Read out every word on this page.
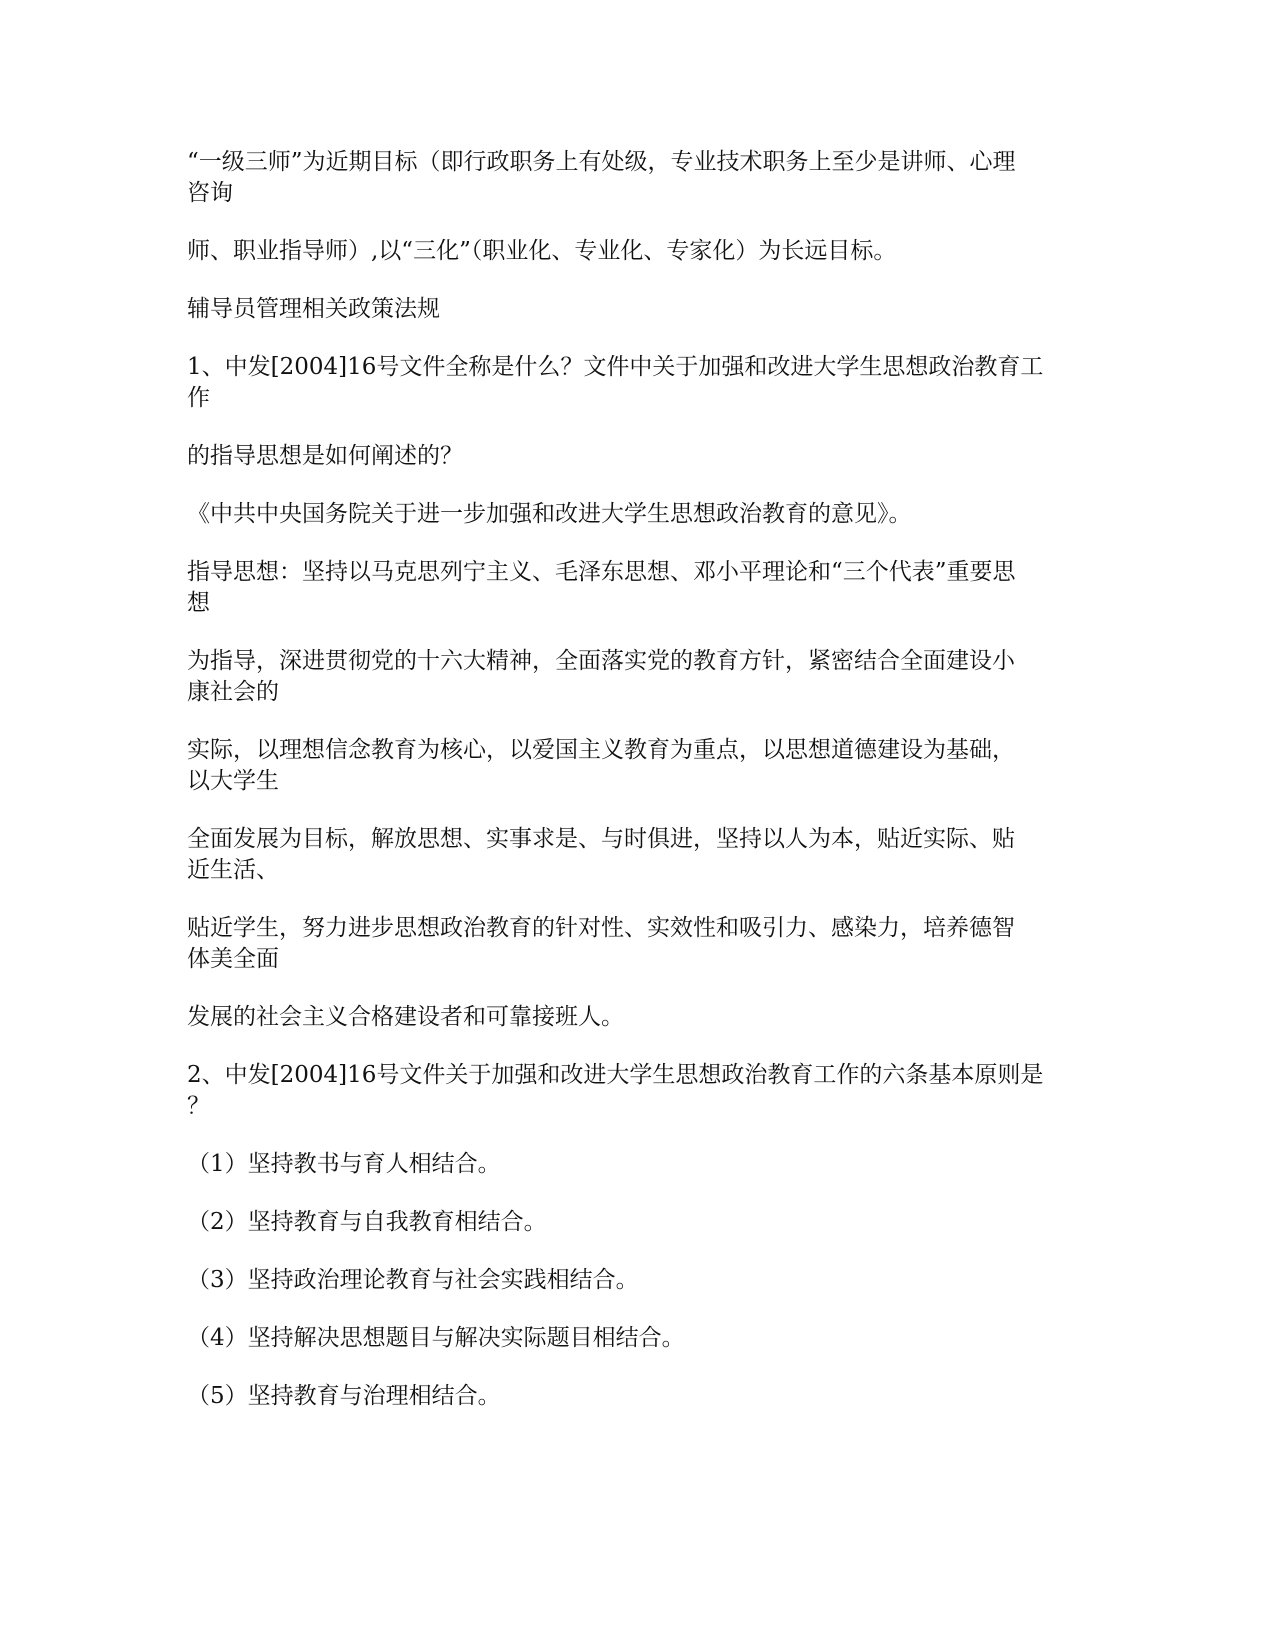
“一级三师”为近期目标（即行政职务上有处级，专业技术职务上至少是讲师、心理
咨询

师、职业指导师）,以“三化”（职业化、专业化、专家化）为长远目标。

辅导员管理相关政策法规

1、中发[2004]16号文件全称是什么？文件中关于加强和改进大学生思想政治教育工
作

的指导思想是如何阐述的？

《中共中央国务院关于进一步加强和改进大学生思想政治教育的意见》。

指导思想：坚持以马克思列宁主义、毛泽东思想、邓小平理论和“三个代表”重要思
想

为指导，深进贯彻党的十六大精神，全面落实党的教育方针，紧密结合全面建设小
康社会的

实际，以理想信念教育为核心，以爱国主义教育为重点，以思想道德建设为基础，
以大学生

全面发展为目标，解放思想、实事求是、与时俱进，坚持以人为本，贴近实际、贴
近生活、

贴近学生，努力进步思想政治教育的针对性、实效性和吸引力、感染力，培养德智
体美全面

发展的社会主义合格建设者和可靠接班人。

2、中发[2004]16号文件关于加强和改进大学生思想政治教育工作的六条基本原则是
？

（1）坚持教书与育人相结合。

（2）坚持教育与自我教育相结合。

（3）坚持政治理论教育与社会实践相结合。

（4）坚持解决思想题目与解决实际题目相结合。

（5）坚持教育与治理相结合。
